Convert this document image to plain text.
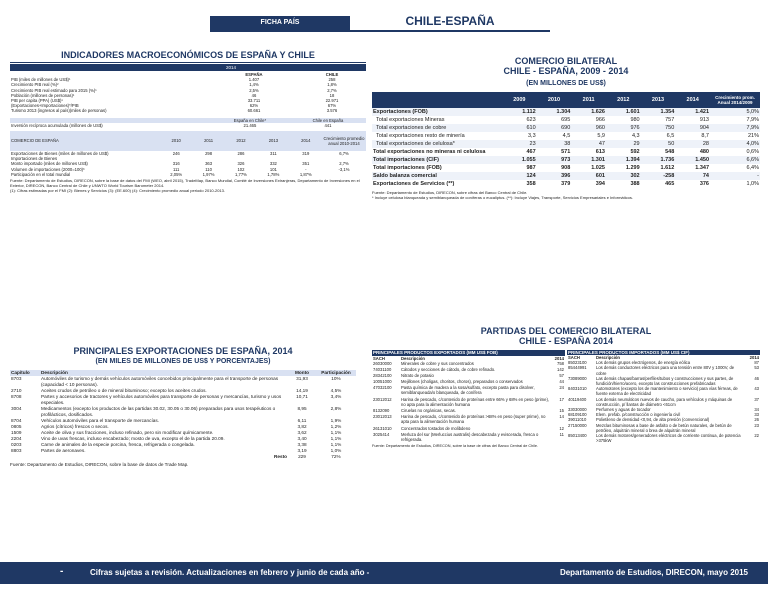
FICHA PAÍS	CHILE-ESPAÑA
INDICADORES MACROECONÓMICOS DE ESPAÑA Y CHILE
2014
	ESPAÑA	CHILE
PIB (miles de millones de US$)¹	1.407	258
Crecimiento PIB real (%)²	1,4%	1,8%
Crecimiento PIB real estimado para 2015 (%)¹	2,5%	2,7%
Población (millones de personas)¹	46	18
PIB per capita (PPA) (US$)¹	33.711	22.971
(Exportaciones+Importaciones)*/PIB	62%	67%
Turismo 2013 (ingresos al país)(miles de personas)	60.661	3.576
	España en Chile*	Chile en España
Inversión recíproca acumulada (millones de US$)	21.465	441
COMERCIO DE ESPAÑA	2010	2011	2012	2013	2014	Crecimiento promedio anual 2010-2014
Exportaciones de Bienes (miles de millones de US$)	246	298	286	311	319	6,7%
Importaciones de Bienes						
Monto importado (miles de millones US$)	316	363	326	332	351	2,7%
Volumen de importaciones (2000=100)³	111	110	102	101	-	-3,1%
Participación en el total mundial	2,05%	1,97%	1,77%	1,78%	1,87%	
Fuente: Departamento de Estudios, DIRECON, sobre la base de datos del FMI (WEO, abril 2015), TradeMap, Banco Mundial, Comité de Inversiones Extranjeras, Departamento de Inversiones en el Exterior, DIRECON, Banco Central de Chile y UNWTO World Tourism Barometer 2014.
(1): Cifras estimadas por el FMI (2): Bienes y Servicios (3): (EE.600) (4): Crecimiento promedio anual periodo 2010-2013.
COMERCIO BILATERAL
CHILE - ESPAÑA, 2009 - 2014
(EN MILLONES DE US$)
	2009	2010	2011	2012	2013	2014	Crecimiento prom. Anual 2014/2009
Exportaciones (FOB)	1.112	1.304	1.626	1.601	1.354	1.421	5,0%
Total exportaciones Mineras	623	695	966	980	757	913	7,9%
Total exportaciones de cobre	610	690	960	976	750	904	7,9%
Total exportaciones resto de minería	3,3	4,5	5,9	4,3	6,5	8,7	21%
Total exportaciones de celulosa*	23	38	47	29	50	28	4,0%
Total exportaciones no mineras ni celulosa	467	571	613	592	548	480	0,6%
Total importaciones (CIF)	1.055	973	1.301	1.394	1.736	1.450	6,6%
Total importaciones (FOB)	987	908	1.025	1.299	1.612	1.347	6,4%
Saldo balanza comercial	124	396	601	302	-258	74	-
Exportaciones de Servicios (**)	358	379	394	388	465	376	1,0%
Fuente: Departamento de Estudios, DIRECON, sobre cifras del Banco Central de Chile.
* Incluye celulosa blanqueada y semiblanqueada de coníferas o eucaliptus. (**): Incluye Viajes, Transporte, Servicios Empresariales e Informáticos.
PRINCIPALES EXPORTACIONES DE ESPAÑA, 2014
(EN MILES DE MILLONES DE US$ Y PORCENTAJES)
Capítulo	Descripción	Monto	Participación
8703	Automóviles de turismo y demás vehículos automóviles concebidos principalmente para el transporte de personas (capacidad < 10 personas).	31,93	10%
2710	Aceites crudos de petróleo o de mineral bituminoso; excepto los aceites crudos.	14,19	4,5%
8708	Partes y accesorios de tractores y vehículos automóviles para transporte de personas y mercancías, turismo y usos especiales.	10,71	3,4%
3004	Medicamentos (excepto los productos de las partidas 30.02, 30.05 o 30.06) preparados para usos terapéuticos o profilácticos, dosificados.	8,95	2,8%
8704	Vehículos automóviles para el transporte de mercancías.	6,11	1,9%
0805	Agrios (cítricos) frescos o secos.	3,82	1,2%
1509	Aceite de oliva y sus fracciones, incluso refinado, pero sin modificar químicamente.	3,62	1,1%
2204	Vino de uvas frescas, incluso encabezado; mosto de uva, excepto el de la partida 20.09.	3,40	1,1%
0203	Carne de animales de la especie porcina, fresca, refrigerada o congelada.	3,38	1,1%
8803	Partes de aeronaves.	3,19	1,0%
	Resto	229	72%
Fuente: Departamento de Estudios, DIRECON, sobre la base de datos de Trade Map.
PARTIDAS DEL COMERCIO BILATERAL
CHILE - ESPAÑA 2014
PRINCIPALES PRODUCTOS EXPORTADOS (MM US$ FOB)		
SACH	Descripción	2014
26030000	Minerales de cobre y sus concentrados	758
74031100	Cátodos y secciones de cátodo, de cobre refinado.	142
28342100	Nitrato de potasio	57
10051000	Mejillones (choligas, choritos, choros), preparados o conservados	44
47032100	Pasta química de madera a la sosa/sulfato, excepto pasta para disolver, semiblanqueada/o blanqueada, de conífera	24
23012012	Harina de pescado, c/contenido de proteínas entre 66% y 68% en peso (prime), no apta para la alimentación humana	17
8132090	Ciruelas no orgánicas, secas.	15
23012013	Harina de pescado, c/contenido de proteínas >68% en peso (super prime), no apta para la alimentación humana	14
26131010	Concentrados tostados de molibdeno	12
3025414	Merluza del sur (Merluccius australis) descabezada y eviscerada, fresca o refrigerada.	11
PRINCIPALES PRODUCTOS IMPORTADOS (MM US$ CIF)		
SACH	Descripción	2014
85023100	Los demás grupos electrógenos, de energía eólica	87
85444991	Los demás conductores eléctricos para una tensión entre 80V y 1000V, de cobre	53
73089000	Las demás chapas/barras/perfiles/tubos y construcciones y sus partes, de fundición/hierro/acero, excepto las construcciones prefabricadas	46
84031010	Automotores (excepto los de mantenimiento o servicio) para vías férreas, de fuente externa de electricidad	43
40119400	Los demás neumáticos nuevos de caucho, para vehículos y máquinas de construcción, p/ llantas de diámetro <61cm	37
33030000	Perfumes y aguas de tocador	34
68109100	Elem. prefab. p/construcción o ingeniería civil	33
39011010	Polietileno de densidad <0,94, de alta presión (convencional)	26
27150000	Mezclas bituminosas a base de asfalto o de betún naturales, de betún de petróleo, alquitrán mineral o brea de alquitrán mineral	23
85013400	Los demás motores/generadores eléctricos de corriente continua, de potencia >375kW	22
Fuente: Departamento de Estudios, DIRECON, sobre la base de cifras del Banco Central de Chile.
-	Cifras sujetas a revisión. Actualizaciones en febrero y junio de cada año -	Departamento de Estudios, DIRECON, mayo 2015
